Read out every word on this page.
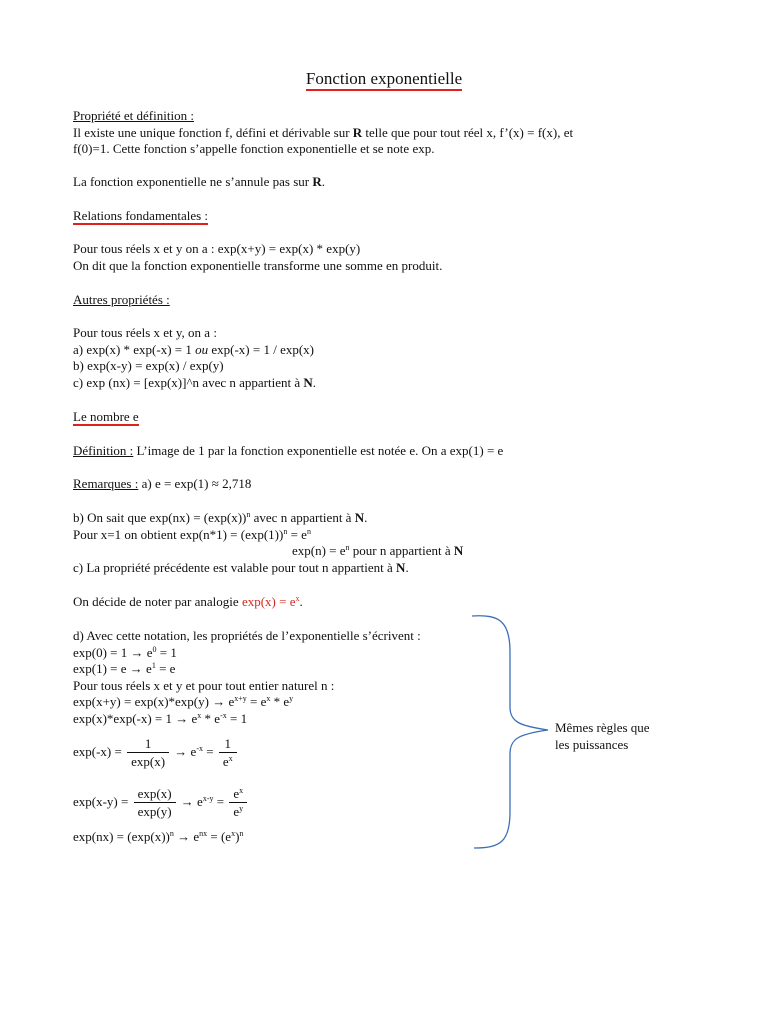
Fonction exponentielle
Propriété et définition :
Il existe une unique fonction f, défini et dérivable sur R telle que pour tout réel x, f’(x) = f(x), et
f(0)=1. Cette fonction s’appelle fonction exponentielle et se note exp.
La fonction exponentielle ne s’annule pas sur R.
Relations fondamentales :
Pour tous réels x et y on a : exp(x+y) = exp(x) * exp(y)
On dit que la fonction exponentielle transforme une somme en produit.
Autres propriétés :
Pour tous réels x et y, on a :
a) exp(x) * exp(-x) = 1 ou exp(-x) = 1 / exp(x)
b) exp(x-y) = exp(x) / exp(y)
c) exp (nx) = [exp(x)]^n avec n appartient à N.
Le nombre e
Définition : L’image de 1 par la fonction exponentielle est notée e. On a exp(1) = e
Remarques : a) e = exp(1) ≈ 2,718
b) On sait que $\exp(nx) = (\exp(x))^n$ avec n appartient à N.
Pour x=1 on obtient $\exp(n*1) = (\exp(1))^n = e^n$
$\exp(n) = e^n$ pour n appartient à N
c) La propriété précédente est valable pour tout n appartient à N.
On décide de noter par analogie $\exp(x) = e^x$.
d) Avec cette notation, les propriétés de l’exponentielle s’écrivent :
$\exp(0) = 1 \to e^0 = 1$
$\exp(1) = e \to e^1 = e$
Pour tous réels x et y et pour tout entier naturel n :
$\exp(x+y) = \exp(x)*\exp(y) \to e^{x+y} = e^x * e^y$
$\exp(x)*\exp(-x) = 1 \to e^x * e^{-x} = 1$
$\exp(-x) = \frac{1}{\exp(x)} \to e^{-x} = \frac{1}{e^x}$
$\exp(x-y) = \frac{\exp(x)}{\exp(y)} \to e^{x-y} = \frac{e^x}{e^y}$
$\exp(nx) = (\exp(x))^n \to e^{nx} = (e^x)^n$
Mêmes règles que
les puissances
